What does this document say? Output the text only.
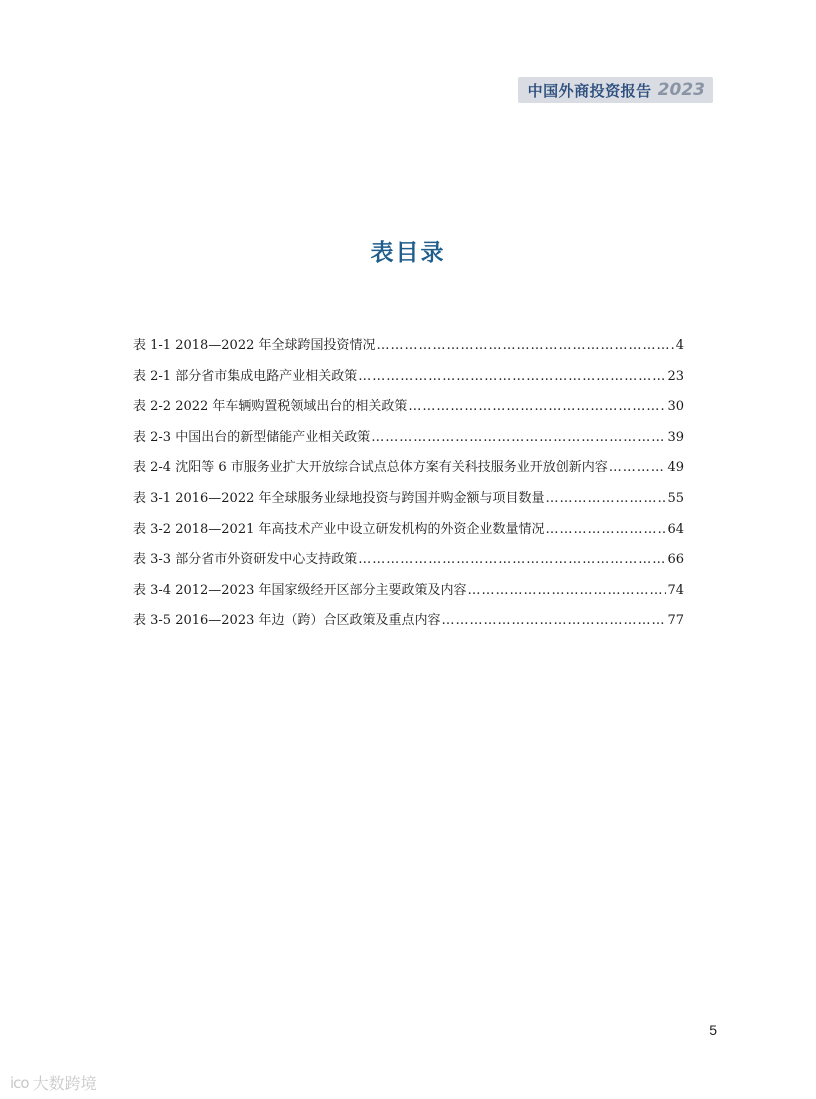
中国外商投资报告 2023
表目录
表 1-1 2018—2022 年全球跨国投资情况 ……………………………………………………………………………………………………………………………………	4
表 2-1 部分省市集成电路产业相关政策 ……………………………………………………………………………………………………………………………………	23
表 2-2 2022 年车辆购置税领域出台的相关政策 ……………………………………………………………………………………………………………………………………	30
表 2-3 中国出台的新型储能产业相关政策 ……………………………………………………………………………………………………………………………………	39
表 2-4 沈阳等 6 市服务业扩大开放综合试点总体方案有关科技服务业开放创新内容 ……………………………………………………………………………………………………………………………………	49
表 3-1 2016—2022 年全球服务业绿地投资与跨国并购金额与项目数量 ……………………………………………………………………………………………………………………………………	55
表 3-2 2018—2021 年高技术产业中设立研发机构的外资企业数量情况 ……………………………………………………………………………………………………………………………………	64
表 3-3 部分省市外资研发中心支持政策 ……………………………………………………………………………………………………………………………………	66
表 3-4 2012—2023 年国家级经开区部分主要政策及内容 ……………………………………………………………………………………………………………………………………	74
表 3-5 2016—2023 年边（跨）合区政策及重点内容 ……………………………………………………………………………………………………………………………………	77
5
ico 大数跨境
